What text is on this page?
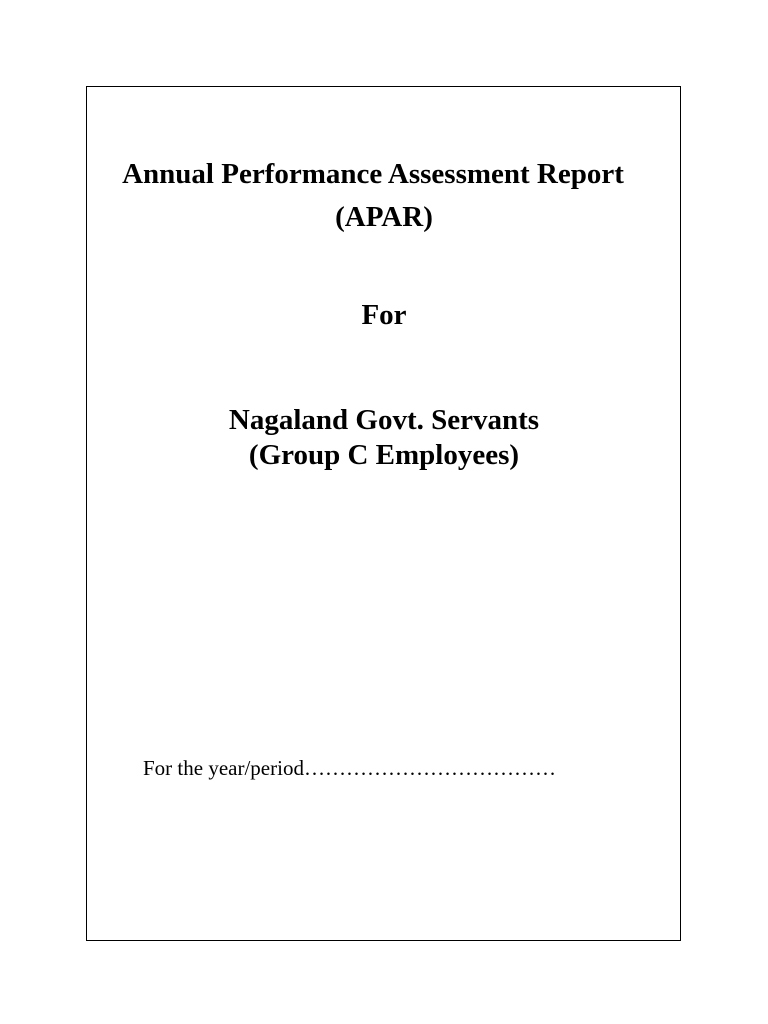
Annual Performance Assessment Report
(APAR)
For
Nagaland Govt. Servants
(Group C Employees)
For the year/period………………………………
